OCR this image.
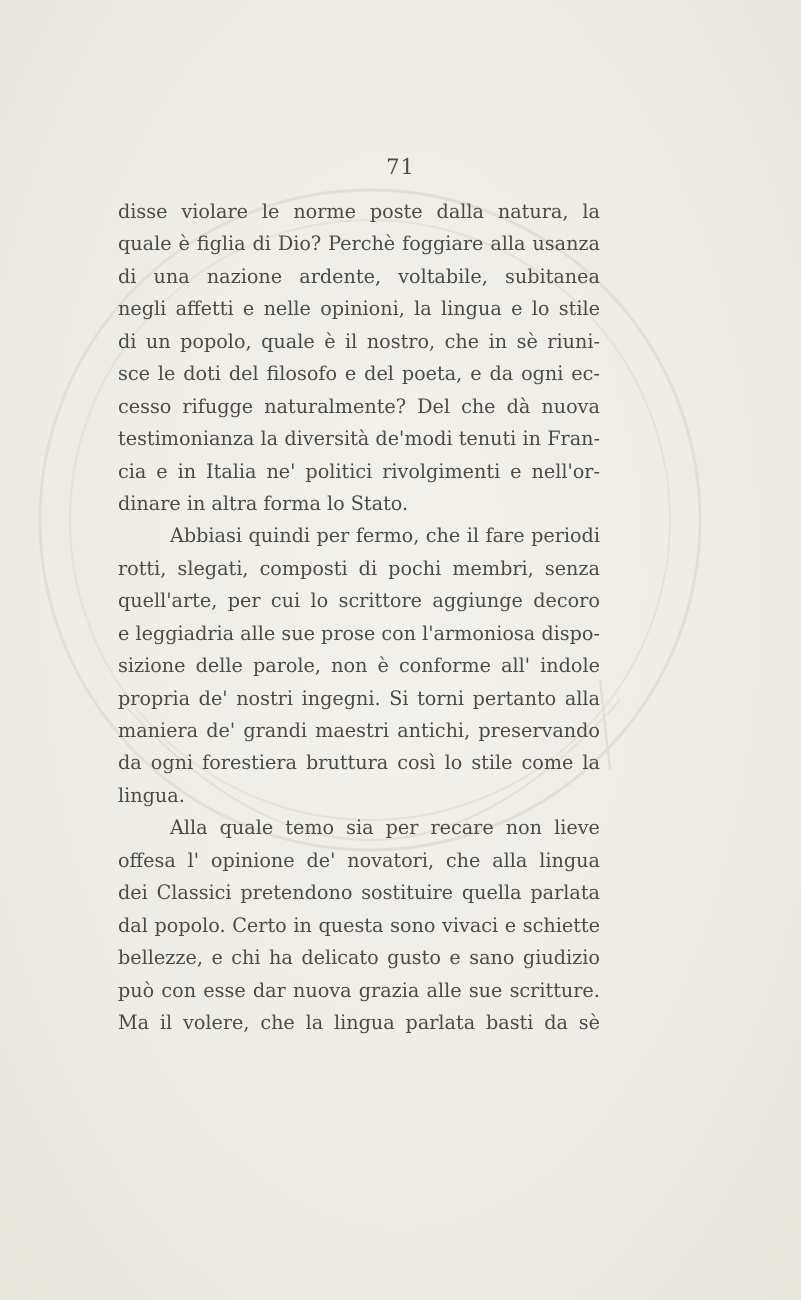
71
disse violare le norme poste dalla natura, la
quale è figlia di Dio? Perchè foggiare alla usanza
di una nazione ardente, voltabile, subitanea
negli affetti e nelle opinioni, la lingua e lo stile
di un popolo, quale è il nostro, che in sè riuni-
sce le doti del filosofo e del poeta, e da ogni ec-
cesso rifugge naturalmente? Del che dà nuova
testimonianza la diversità de'modi tenuti in Fran-
cia e in Italia ne' politici rivolgimenti e nell'or-
dinare in altra forma lo Stato.
Abbiasi quindi per fermo, che il fare periodi
rotti, slegati, composti di pochi membri, senza
quell'arte, per cui lo scrittore aggiunge decoro
e leggiadria alle sue prose con l'armoniosa dispo-
sizione delle parole, non è conforme all' indole
propria de' nostri ingegni. Si torni pertanto alla
maniera de' grandi maestri antichi, preservando
da ogni forestiera bruttura così lo stile come la
lingua.
Alla quale temo sia per recare non lieve
offesa l' opinione de' novatori, che alla lingua
dei Classici pretendono sostituire quella parlata
dal popolo. Certo in questa sono vivaci e schiette
bellezze, e chi ha delicato gusto e sano giudizio
può con esse dar nuova grazia alle sue scritture.
Ma il volere, che la lingua parlata basti da sè
